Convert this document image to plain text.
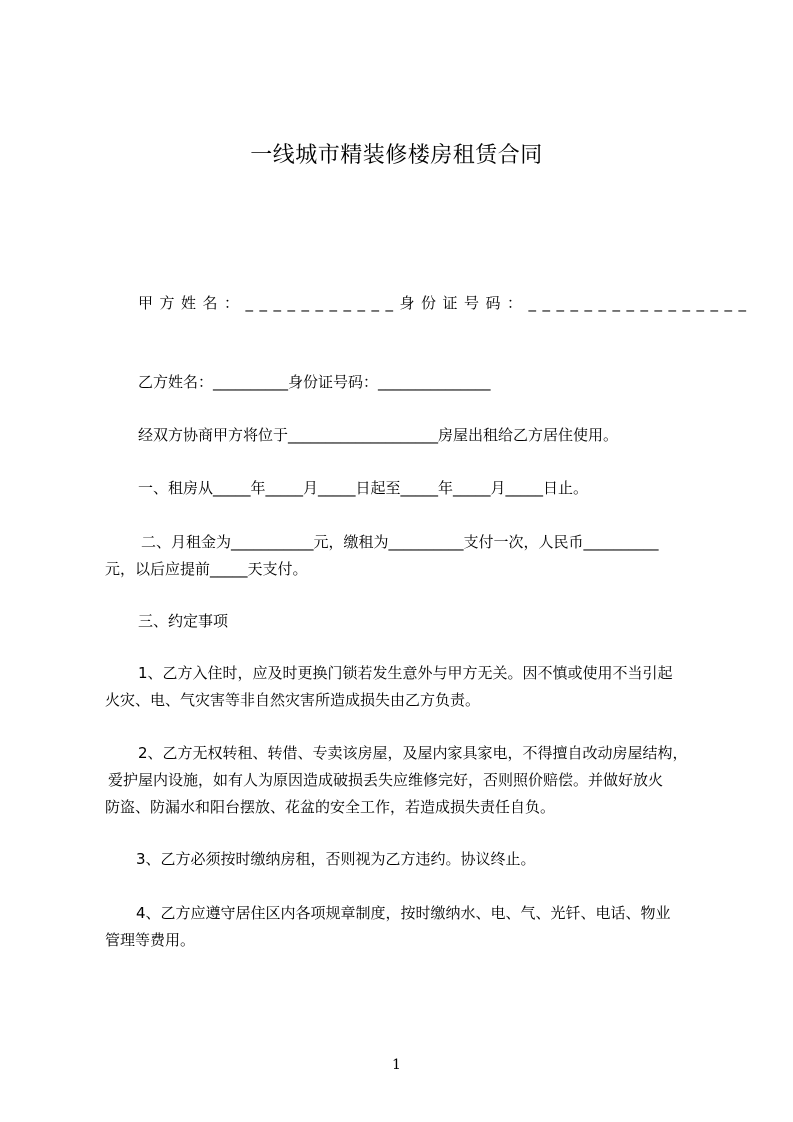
一线城市精装修楼房租赁合同
甲方姓名：___________身份证号码：________________
乙方姓名：__________身份证号码：_______________
经双方协商甲方将位于____________________房屋出租给乙方居住使用。
一、租房从_____年_____月_____日起至_____年_____月_____日止。
二、月租金为___________元，缴租为__________支付一次，人民币__________
元，以后应提前_____天支付。
三、约定事项
1、乙方入住时，应及时更换门锁若发生意外与甲方无关。因不慎或使用不当引起
火灾、电、气灾害等非自然灾害所造成损失由乙方负责。
2、乙方无权转租、转借、专卖该房屋，及屋内家具家电，不得擅自改动房屋结构，
爱护屋内设施，如有人为原因造成破损丢失应维修完好，否则照价赔偿。并做好放火
防盗、防漏水和阳台摆放、花盆的安全工作，若造成损失责任自负。
3、乙方必须按时缴纳房租，否则视为乙方违约。协议终止。
4、乙方应遵守居住区内各项规章制度，按时缴纳水、电、气、光钎、电话、物业
管理等费用。
1
